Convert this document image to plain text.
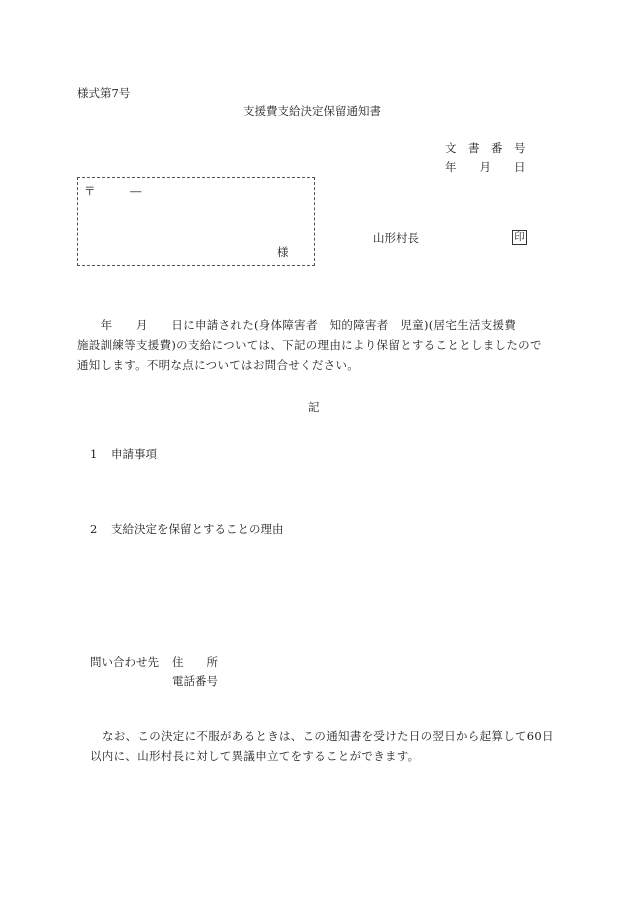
様式第7号
支援費支給決定保留通知書
文　書　番　号
年　　月　　日
〒	―
様
山形村長	印
　　年　　月　　日に申請された(身体障害者　知的障害者　児童)(居宅生活支援費
施設訓練等支援費)の支給については、下記の理由により保留とすることとしましたので
通知します。不明な点についてはお問合せください。
記
1 申請事項
2 支給決定を保留とすることの理由
問い合わせ先 住　　所
電話番号
なお、この決定に不服があるときは、この通知書を受けた日の翌日から起算して60日
以内に、山形村長に対して異議申立てをすることができます。
